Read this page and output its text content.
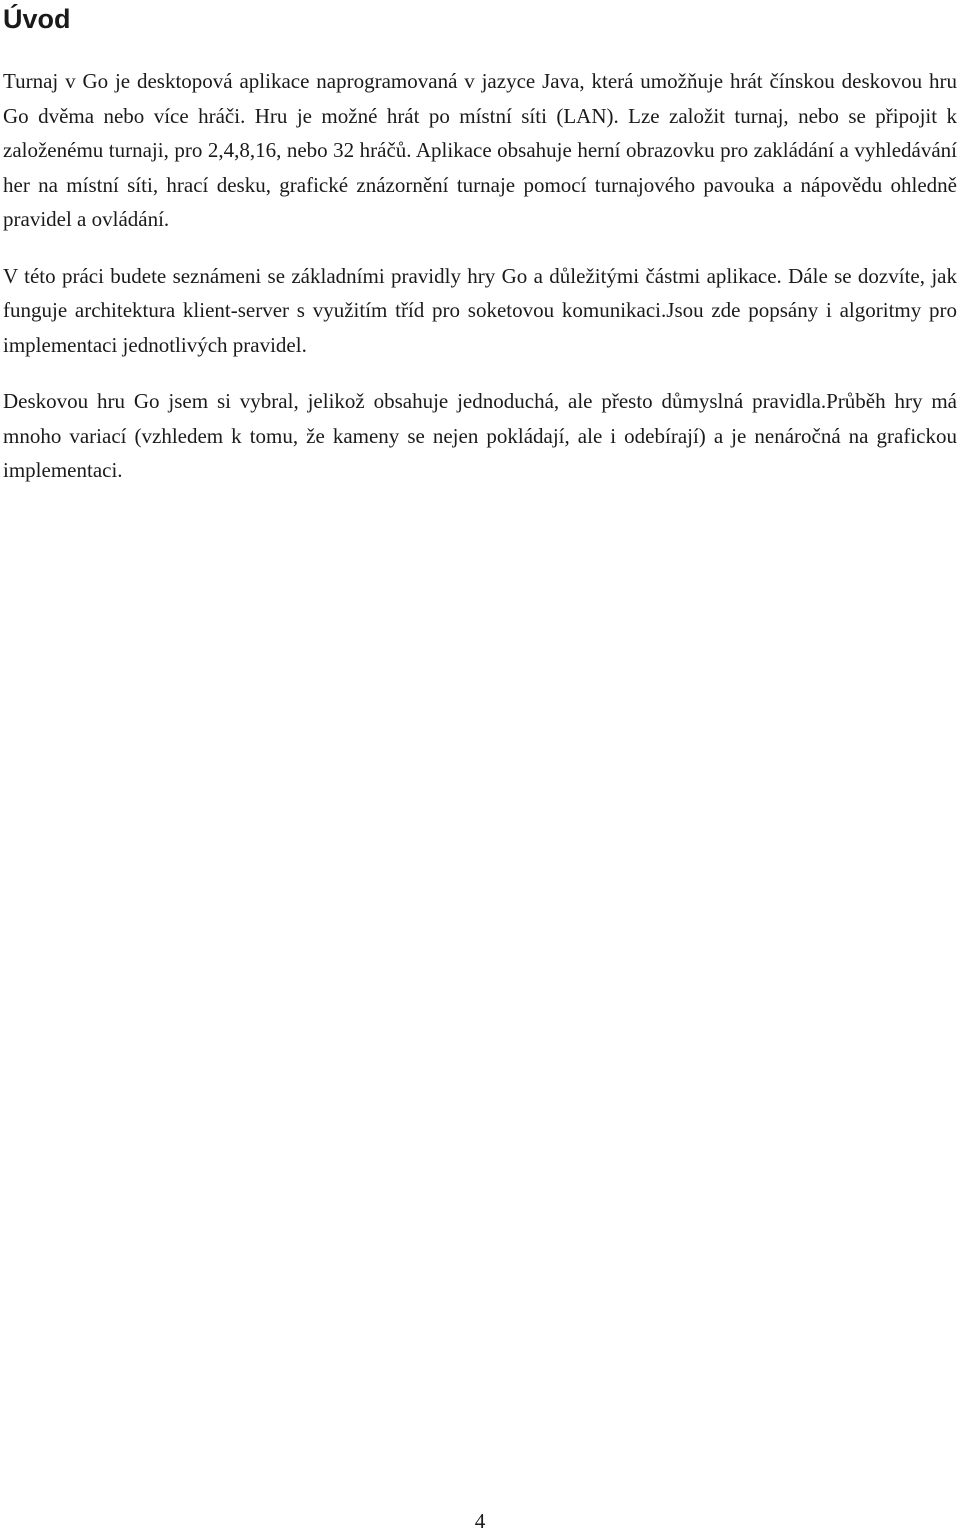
Úvod

Turnaj v Go je desktopová aplikace naprogramovaná v jazyce Java, která umožňuje hrát čínskou deskovou hru Go dvěma nebo více hráči. Hru je možné hrát po místní síti (LAN). Lze založit turnaj, nebo se připojit k založenému turnaji, pro 2,4,8,16, nebo 32 hráčů. Aplikace obsahuje herní obrazovku pro zakládání a vyhledávání her na místní síti, hrací desku, grafické znázornění turnaje pomocí turnajového pavouka a nápovědu ohledně pravidel a ovládání.

V této práci budete seznámeni se základními pravidly hry Go a důležitými částmi aplikace. Dále se dozvíte, jak funguje architektura klient-server s využitím tříd pro soketovou komunikaci.Jsou zde popsány i algoritmy pro implementaci jednotlivých pravidel.

Deskovou hru Go jsem si vybral, jelikož obsahuje jednoduchá, ale přesto důmyslná pravidla.Průběh hry má mnoho variací (vzhledem k tomu, že kameny se nejen pokládají, ale i odebírají) a je nenáročná na grafickou implementaci.

4
